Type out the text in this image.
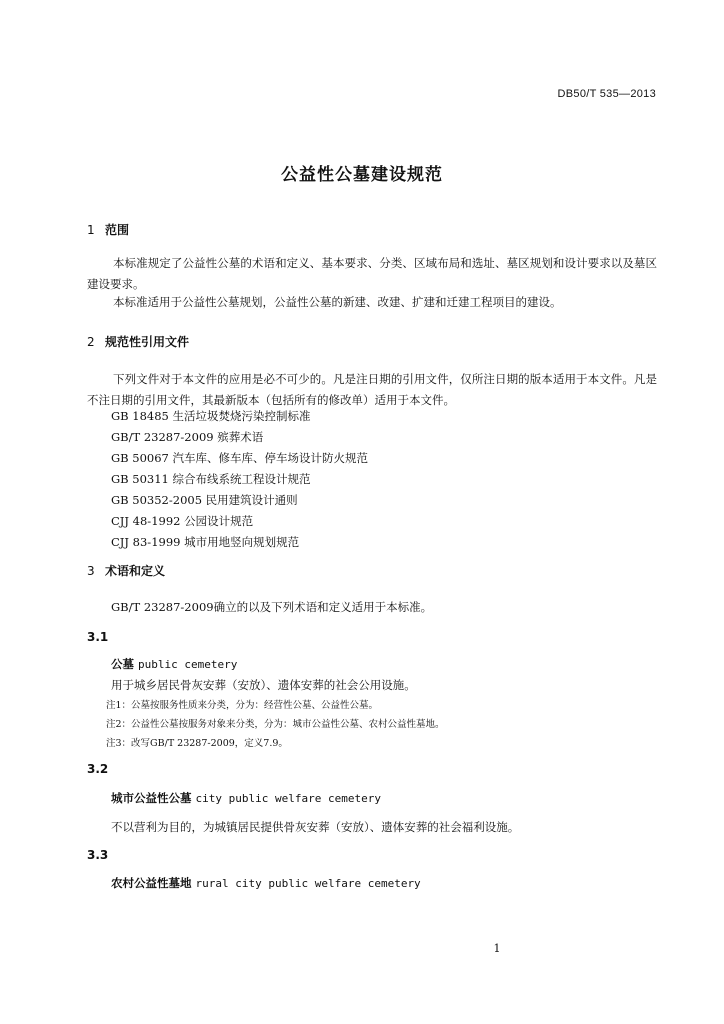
DB50/T 535—2013
公益性公墓建设规范
1 范围
本标准规定了公益性公墓的术语和定义、基本要求、分类、区域布局和选址、墓区规划和设计要求以及墓区建设要求。
本标准适用于公益性公墓规划，公益性公墓的新建、改建、扩建和迁建工程项目的建设。
2 规范性引用文件
下列文件对于本文件的应用是必不可少的。凡是注日期的引用文件，仅所注日期的版本适用于本文件。凡是不注日期的引用文件，其最新版本（包括所有的修改单）适用于本文件。
GB 18485 生活垃圾焚烧污染控制标准
GB/T 23287-2009 殡葬术语
GB 50067 汽车库、修车库、停车场设计防火规范
GB 50311 综合布线系统工程设计规范
GB 50352-2005 民用建筑设计通则
CJJ 48-1992 公园设计规范
CJJ 83-1999 城市用地竖向规划规范
3 术语和定义
GB/T 23287-2009确立的以及下列术语和定义适用于本标准。
3.1
公墓 public cemetery
用于城乡居民骨灰安葬（安放）、遗体安葬的社会公用设施。
注1：公墓按服务性质来分类，分为：经营性公墓、公益性公墓。
注2：公益性公墓按服务对象来分类，分为：城市公益性公墓、农村公益性墓地。
注3：改写GB/T 23287-2009，定义7.9。
3.2
城市公益性公墓 city public welfare cemetery
不以营利为目的，为城镇居民提供骨灰安葬（安放）、遗体安葬的社会福利设施。
3.3
农村公益性墓地 rural city public welfare cemetery
1
